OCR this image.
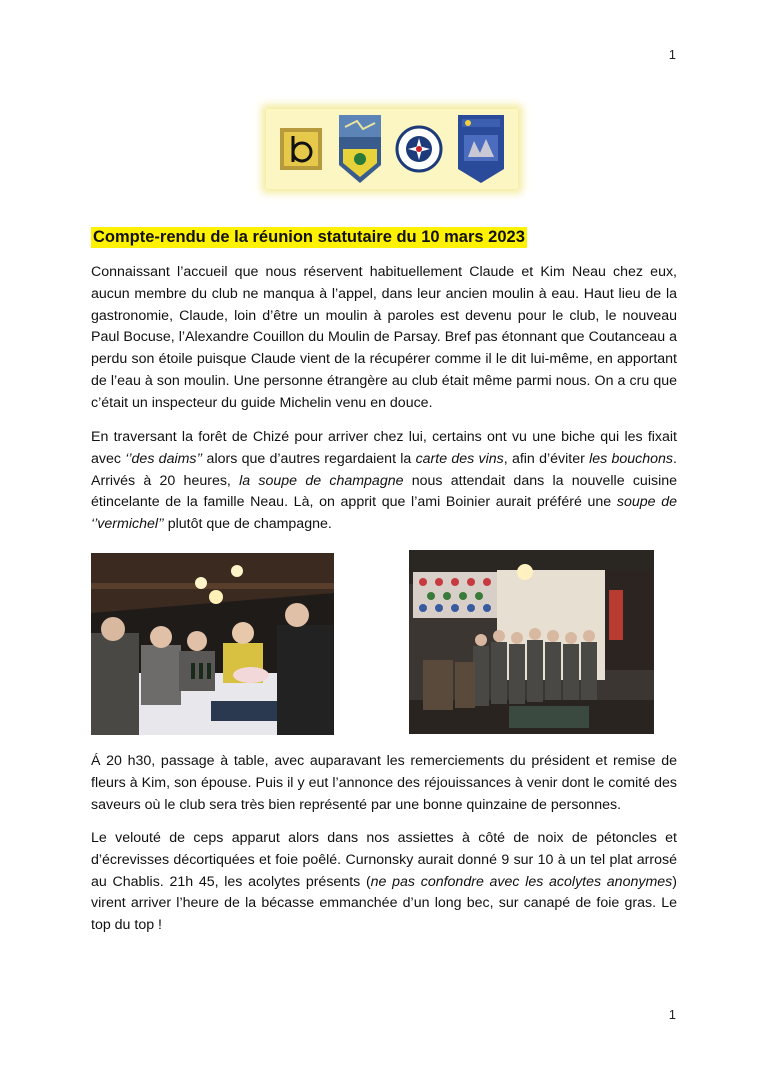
1
Compte-rendu de la réunion statutaire du 10 mars 2023

Connaissant l’accueil que nous réservent habituellement Claude et Kim Neau chez eux, aucun membre du club ne manqua à l’appel, dans leur ancien moulin à eau. Haut lieu de la gastronomie, Claude, loin d’être un moulin à paroles est devenu pour le club, le nouveau Paul Bocuse, l’Alexandre Couillon du Moulin de Parsay. Bref pas étonnant que Coutanceau a perdu son étoile puisque Claude vient de la récupérer comme il le dit lui-même, en apportant de l’eau à son moulin. Une personne étrangère au club était même parmi nous. On a cru que c’était un inspecteur du guide Michelin venu en douce.

En traversant la forêt de Chizé pour arriver chez lui, certains ont vu une biche qui les fixait avec ‘’des daims’’ alors que d’autres regardaient la carte des vins, afin d’éviter les bouchons. Arrivés à 20 heures, la soupe de champagne nous attendait dans la nouvelle cuisine étincelante de la famille Neau. Là, on apprit que l’ami Boinier aurait préféré une soupe de ‘’vermichel’’ plutôt que de champagne.

Á 20 h30, passage à table, avec auparavant les remerciements du président et remise de fleurs à Kim, son épouse. Puis il y eut l’annonce des réjouissances à venir dont le comité des saveurs où le club sera très bien représenté par une bonne quinzaine de personnes.

Le velouté de ceps apparut alors dans nos assiettes à côté de noix de pétoncles et d’écrevisses décortiquées et foie poêlé. Curnonsky aurait donné 9 sur 10 à un tel plat arrosé au Chablis. 21h 45, les acolytes présents (ne pas confondre avec les acolytes anonymes) virent arriver l’heure de la bécasse emmanchée d’un long bec, sur canapé de foie gras. Le top du top !

1
